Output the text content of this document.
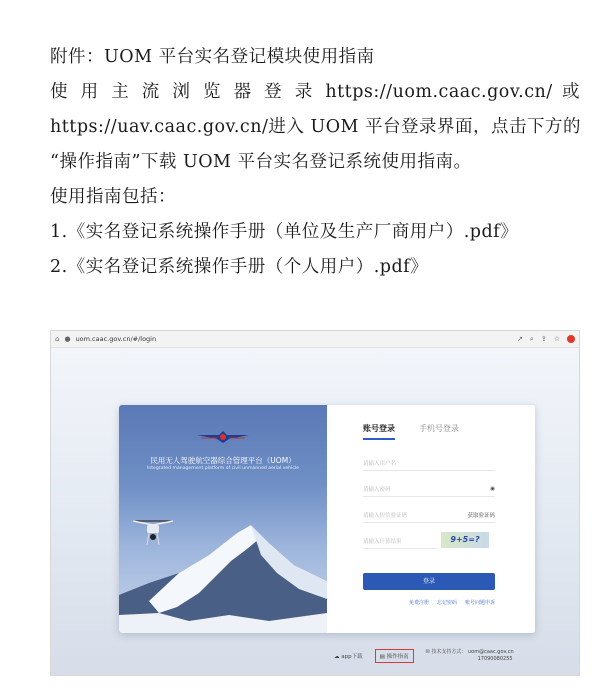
附件：UOM 平台实名登记模块使用指南
使 用 主 流 浏 览 器 登 录 https://uom.caac.gov.cn/ 或
https://uav.caac.gov.cn/进入 UOM 平台登录界面，点击下方的
“操作指南”下载 UOM 平台实名登记系统使用指南。
使用指南包括：
1.《实名登记系统操作手册（单位及生产厂商用户）.pdf》
2.《实名登记系统操作手册（个人用户）.pdf》
⌂ ● uom.caac.gov.cn/#/login	↗ ⌕ ⇪ ☆
民用无人驾驶航空器综合管理平台（UOM）
Integrated management platform of civil unmanned aerial vehicle
账号登录	手机号登录
请输入用户名
请输入密码	◉
请输入短信验证码	获取验证码
请输入计算结果	9+5=?
登录
免费注册 忘记密码 账号问题申诉
☁ app下载	▤ 操作指南
✉ 技术支持方式： uom@caac.gov.cn
17090080255
